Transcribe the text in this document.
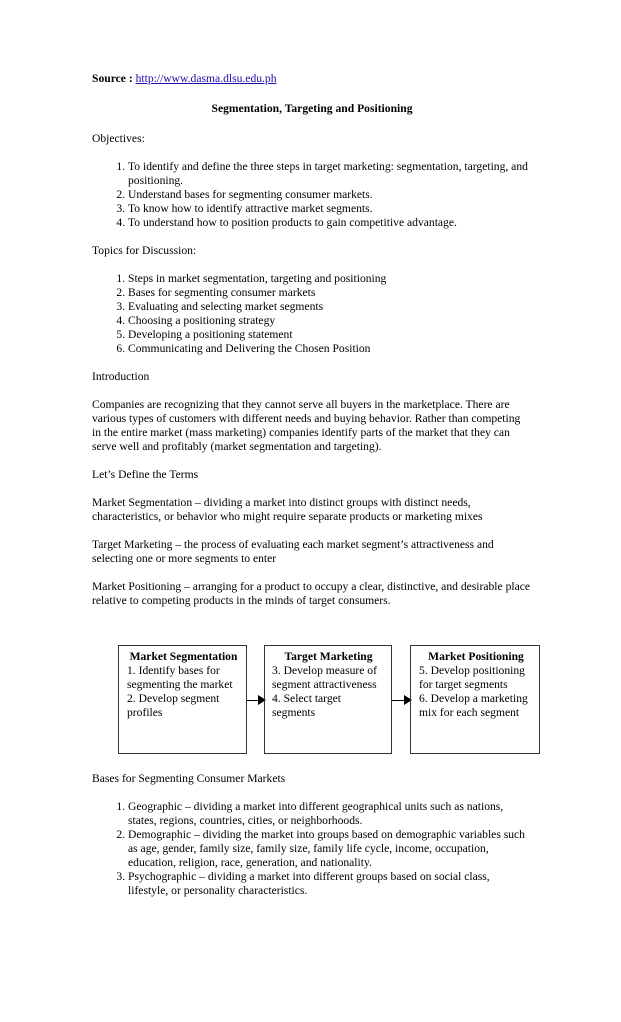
Source : http://www.dasma.dlsu.edu.ph

Segmentation, Targeting and Positioning

Objectives:

1. To identify and define the three steps in target marketing: segmentation, targeting, and positioning.
2. Understand bases for segmenting consumer markets.
3. To know how to identify attractive market segments.
4. To understand how to position products to gain competitive advantage.

Topics for Discussion:

1. Steps in market segmentation, targeting and positioning
2. Bases for segmenting consumer markets
3. Evaluating and selecting market segments
4. Choosing a positioning strategy
5. Developing a positioning statement
6. Communicating and Delivering the Chosen Position

Introduction

Companies are recognizing that they cannot serve all buyers in the marketplace. There are various types of customers with different needs and buying behavior. Rather than competing in the entire market (mass marketing) companies identify parts of the market that they can serve well and profitably (market segmentation and targeting).

Let’s Define the Terms

Market Segmentation – dividing a market into distinct groups with distinct needs, characteristics, or behavior who might require separate products or marketing mixes

Target Marketing – the process of evaluating each market segment’s attractiveness and selecting one or more segments to enter

Market Positioning – arranging for a product to occupy a clear, distinctive, and desirable place relative to competing products in the minds of target consumers.

Market Segmentation
1. Identify bases for segmenting the market
2. Develop segment profiles
Target Marketing
3. Develop measure of segment attractiveness
4. Select target segments
Market Positioning
5. Develop positioning for target segments
6. Develop a marketing mix for each segment

Bases for Segmenting Consumer Markets

1. Geographic – dividing a market into different geographical units such as nations, states, regions, countries, cities, or neighborhoods.
2. Demographic – dividing the market into groups based on demographic variables such as age, gender, family size, family size, family life cycle, income, occupation, education, religion, race, generation, and nationality.
3. Psychographic – dividing a market into different groups based on social class, lifestyle, or personality characteristics.
